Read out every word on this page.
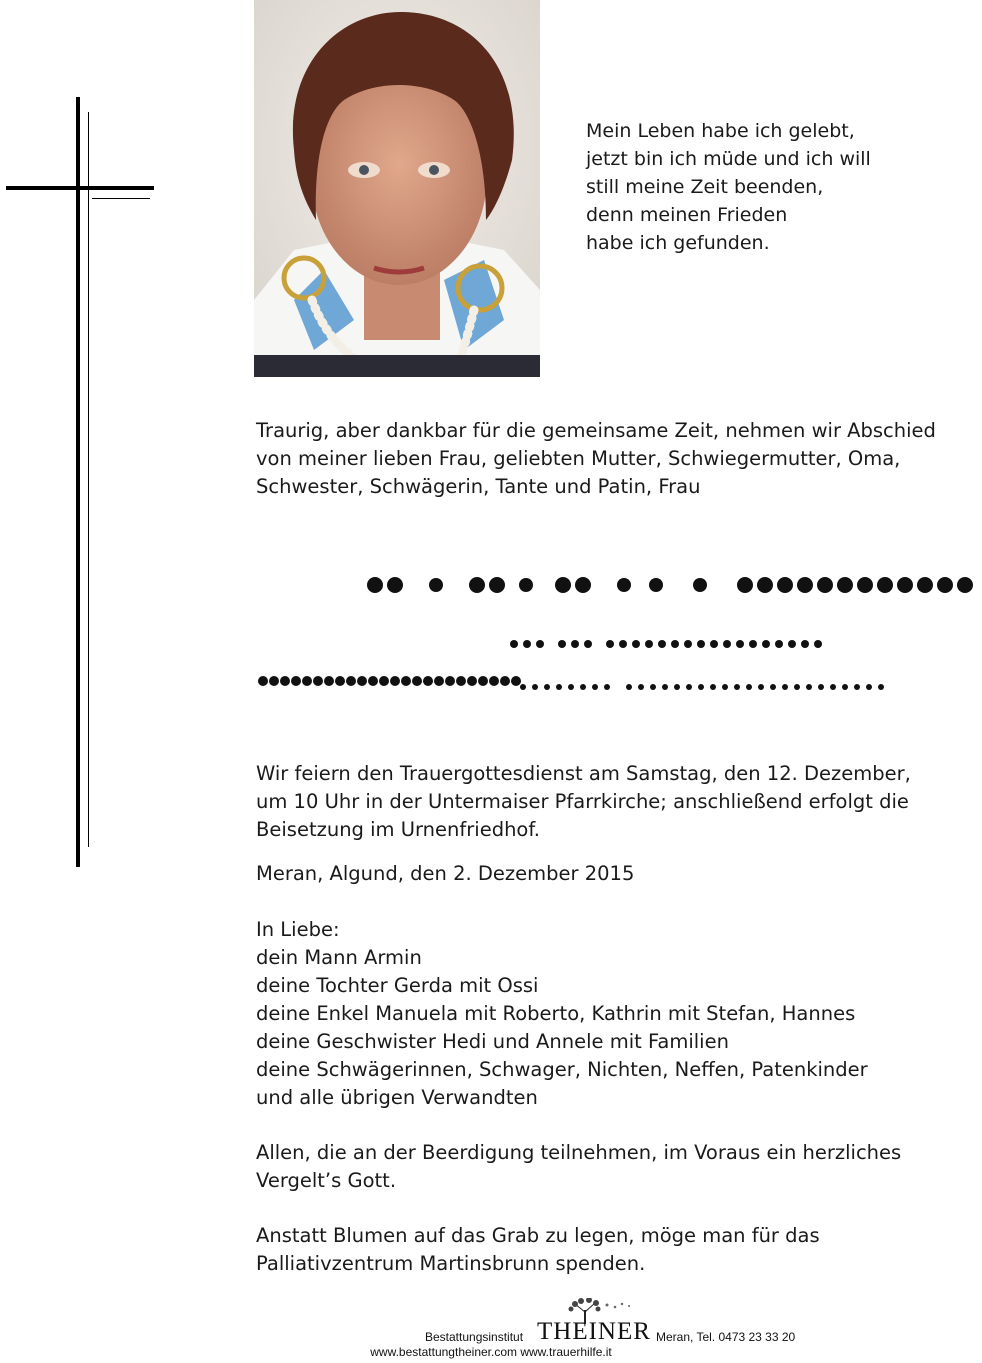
Mein Leben habe ich gelebt,
jetzt bin ich müde und ich will
still meine Zeit beenden,
denn meinen Frieden
habe ich gefunden.
Traurig, aber dankbar für die gemeinsame Zeit, nehmen wir Abschied
von meiner lieben Frau, geliebten Mutter, Schwiegermutter, Oma,
Schwester, Schwägerin, Tante und Patin, Frau
Wir feiern den Trauergottesdienst am Samstag, den 12. Dezember,
um 10 Uhr in der Untermaiser Pfarrkirche; anschließend erfolgt die
Beisetzung im Urnenfriedhof.
Meran, Algund, den 2. Dezember 2015
In Liebe:
dein Mann Armin
deine Tochter Gerda mit Ossi
deine Enkel Manuela mit Roberto, Kathrin mit Stefan, Hannes
deine Geschwister Hedi und Annele mit Familien
deine Schwägerinnen, Schwager, Nichten, Neffen, Patenkinder
und alle übrigen Verwandten
Allen, die an der Beerdigung teilnehmen, im Voraus ein herzliches
Vergelt’s Gott.
Anstatt Blumen auf das Grab zu legen, möge man für das
Palliativzentrum Martinsbrunn spenden.
Bestattungsinstitut THEINER Meran, Tel. 0473 23 33 20
www.bestattungtheiner.com www.trauerhilfe.it
